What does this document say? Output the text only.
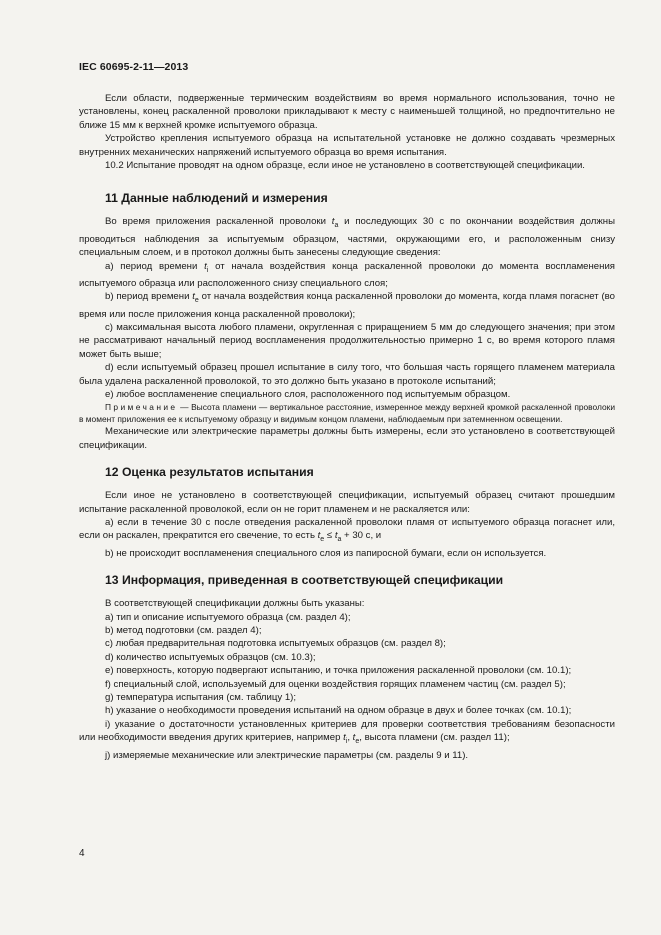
IEC 60695-2-11—2013

Если области, подверженные термическим воздействиям во время нормального использования, точно не установлены, конец раскаленной проволоки прикладывают к месту с наименьшей толщиной, но предпочтительно не ближе 15 мм к верхней кромке испытуемого образца.

Устройство крепления испытуемого образца на испытательной установке не должно создавать чрезмерных внутренних механических напряжений испытуемого образца во время испытания.

10.2 Испытание проводят на одном образце, если иное не установлено в соответствующей спецификации.

11 Данные наблюдений и измерения

Во время приложения раскаленной проволоки $t_a$ и последующих 30 с по окончании воздействия должны проводиться наблюдения за испытуемым образцом, частями, окружающими его, и расположенным снизу специальным слоем, и в протокол должны быть занесены следующие сведения:

a) период времени $t_i$ от начала воздействия конца раскаленной проволоки до момента воспламенения испытуемого образца или расположенного снизу специального слоя;

b) период времени $t_e$ от начала воздействия конца раскаленной проволоки до момента, когда пламя погаснет (во время или после приложения конца раскаленной проволоки);

c) максимальная высота любого пламени, округленная с приращением 5 мм до следующего значения; при этом не рассматривают начальный период воспламенения продолжительностью примерно 1 с, во время которого пламя может быть выше;

d) если испытуемый образец прошел испытание в силу того, что большая часть горящего пламенем материала была удалена раскаленной проволокой, то это должно быть указано в протоколе испытаний;

e) любое воспламенение специального слоя, расположенного под испытуемым образцом.

Примечание — Высота пламени — вертикальное расстояние, измеренное между верхней кромкой раскаленной проволоки в момент приложения ее к испытуемому образцу и видимым концом пламени, наблюдаемым при затемненном освещении.

Механические или электрические параметры должны быть измерены, если это установлено в соответствующей спецификации.

12 Оценка результатов испытания

Если иное не установлено в соответствующей спецификации, испытуемый образец считают прошедшим испытание раскаленной проволокой, если он не горит пламенем и не раскаляется или:

a) если в течение 30 с после отведения раскаленной проволоки пламя от испытуемого образца погаснет или, если он раскален, прекратится его свечение, то есть $t_e \le t_a + 30$ с, и

b) не происходит воспламенения специального слоя из папиросной бумаги, если он используется.

13 Информация, приведенная в соответствующей спецификации

В соответствующей спецификации должны быть указаны:

a) тип и описание испытуемого образца (см. раздел 4);

b) метод подготовки (см. раздел 4);

c) любая предварительная подготовка испытуемых образцов (см. раздел 8);

d) количество испытуемых образцов (см. 10.3);

e) поверхность, которую подвергают испытанию, и точка приложения раскаленной проволоки (см. 10.1);

f) специальный слой, используемый для оценки воздействия горящих пламенем частиц (см. раздел 5);

g) температура испытания (см. таблицу 1);

h) указание о необходимости проведения испытаний на одном образце в двух и более точках (см. 10.1);

i) указание о достаточности установленных критериев для проверки соответствия требованиям безопасности или необходимости введения других критериев, например $t_i$, $t_e$, высота пламени (см. раздел 11);

j) измеряемые механические или электрические параметры (см. разделы 9 и 11).

4
